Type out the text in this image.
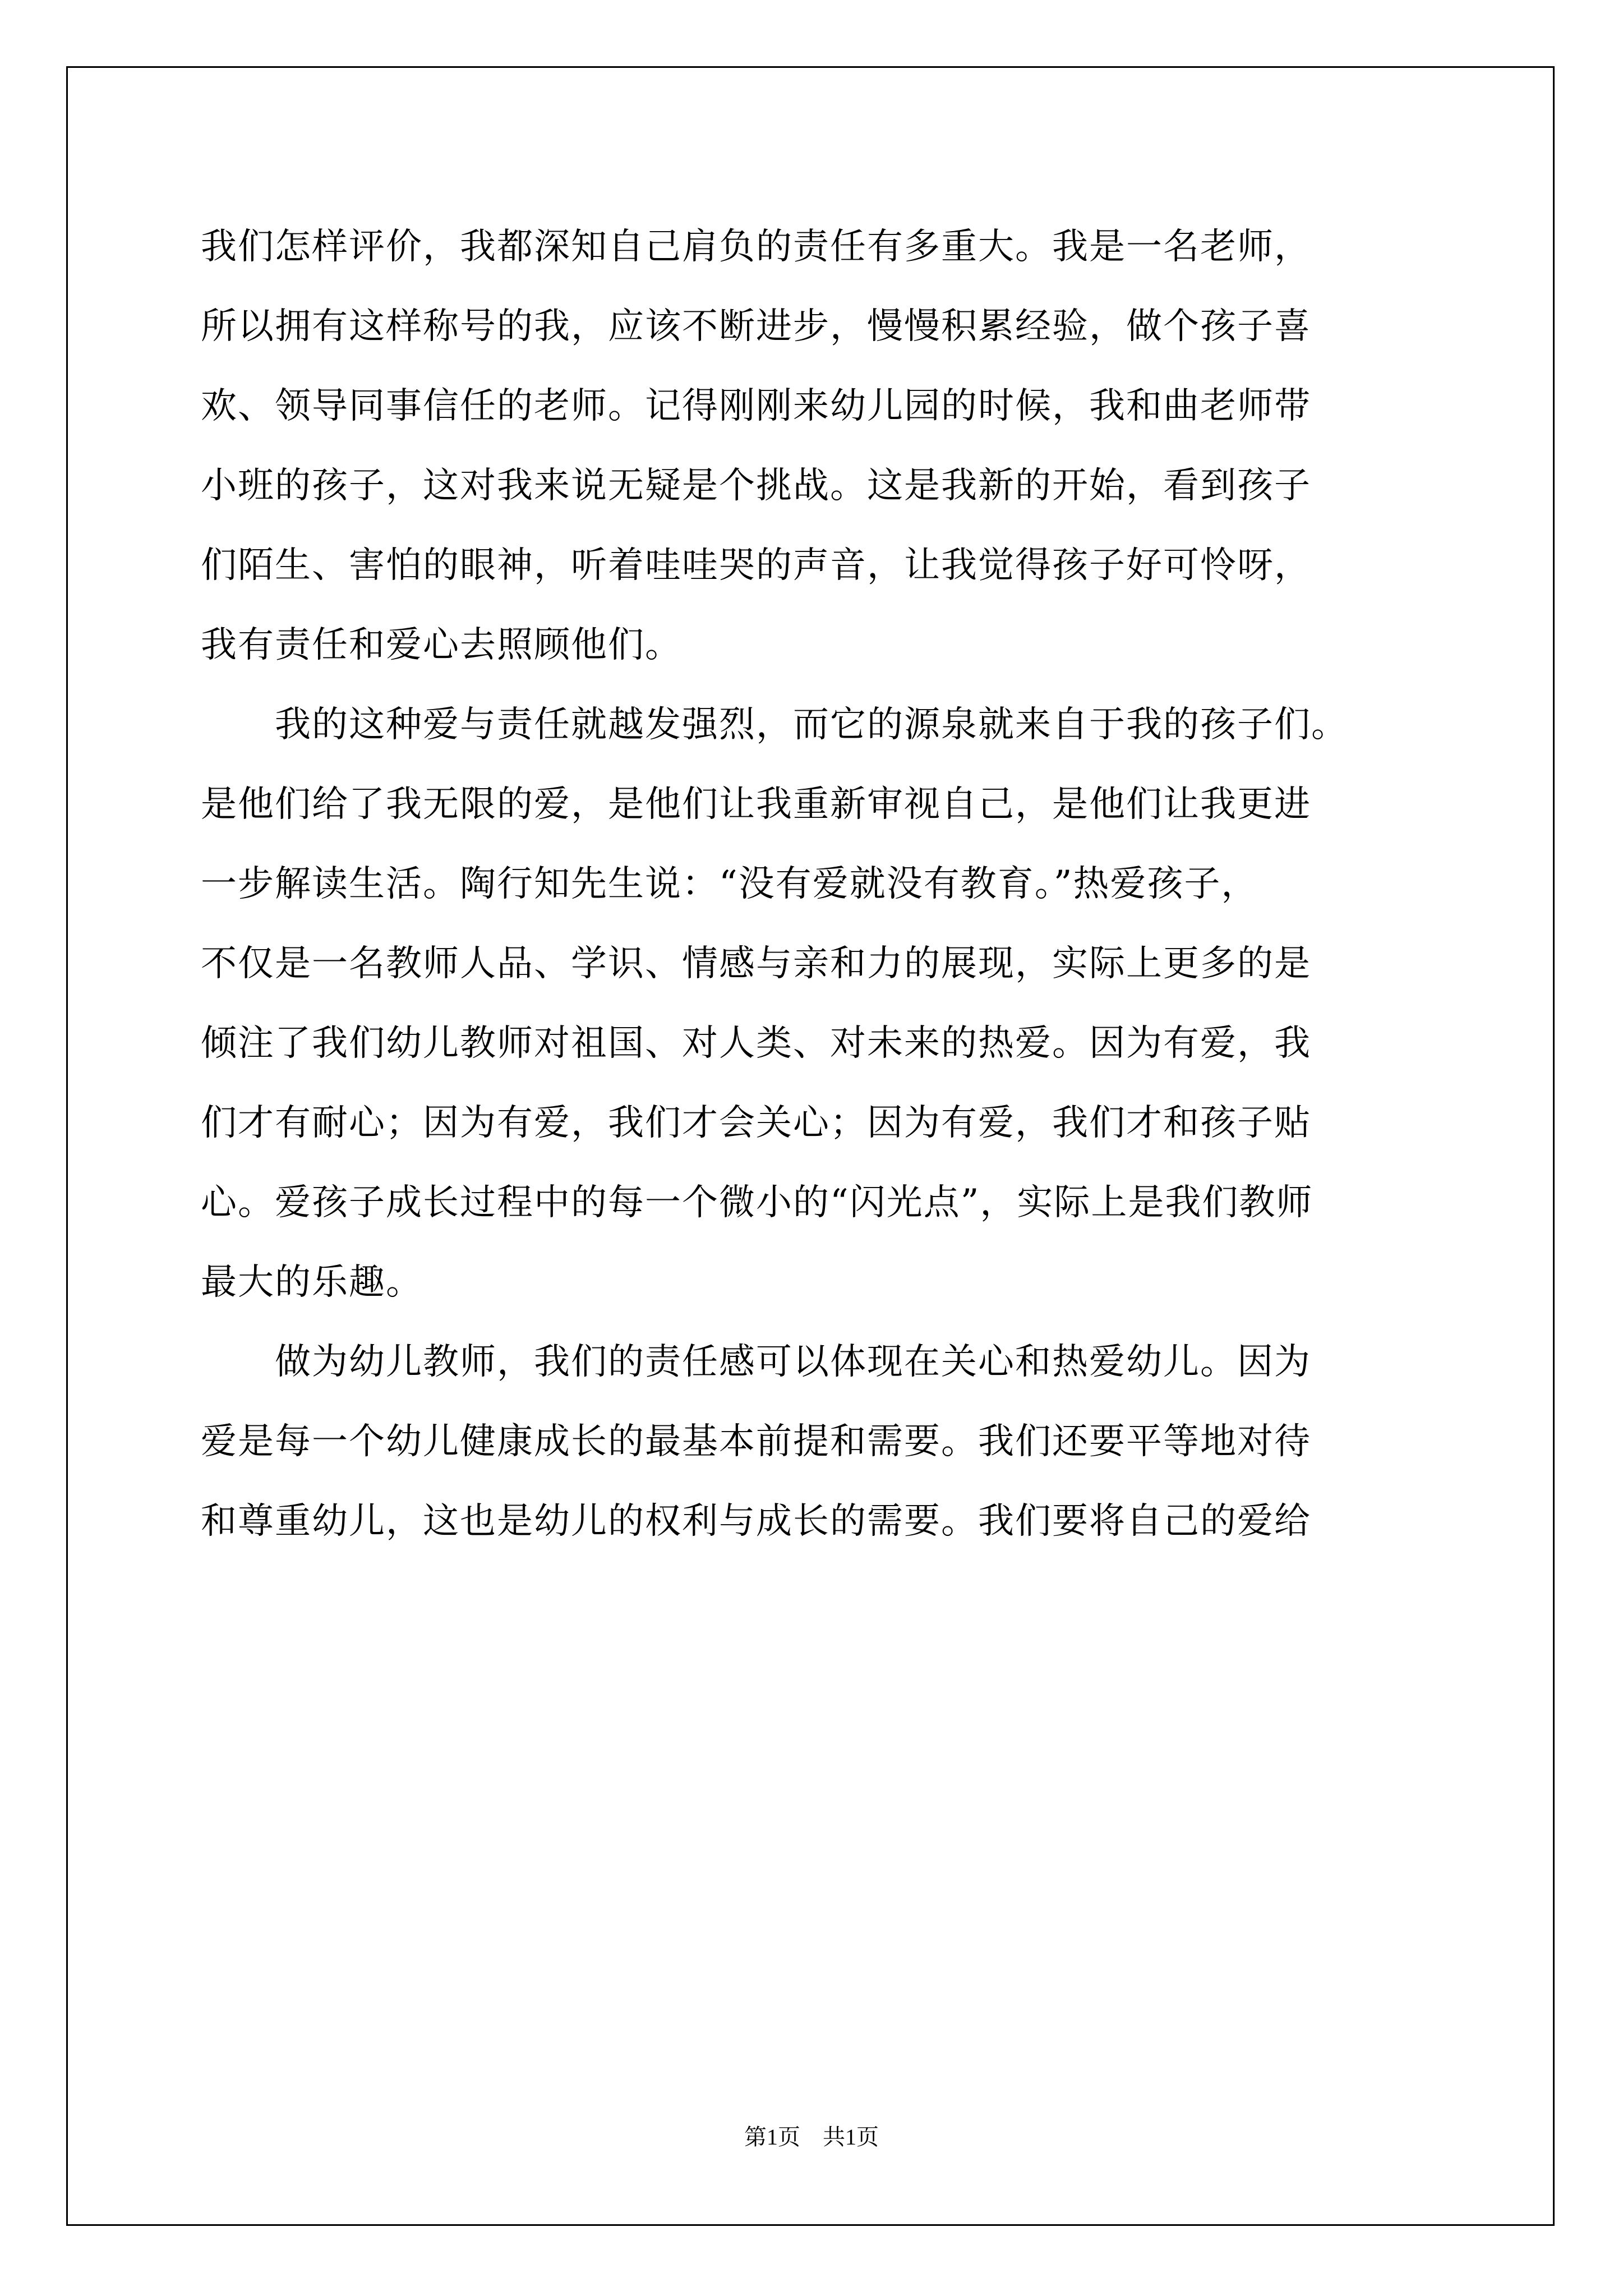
我们怎样评价，我都深知自己肩负的责任有多重大。我是一名老师，
所以拥有这样称号的我，应该不断进步，慢慢积累经验，做个孩子喜
欢、领导同事信任的老师。记得刚刚来幼儿园的时候，我和曲老师带
小班的孩子，这对我来说无疑是个挑战。这是我新的开始，看到孩子
们陌生、害怕的眼神，听着哇哇哭的声音，让我觉得孩子好可怜呀，
我有责任和爱心去照顾他们。
　　我的这种爱与责任就越发强烈，而它的源泉就来自于我的孩子们。
是他们给了我无限的爱，是他们让我重新审视自己，是他们让我更进
一步解读生活。陶行知先生说：“没有爱就没有教育。”热爱孩子，
不仅是一名教师人品、学识、情感与亲和力的展现，实际上更多的是
倾注了我们幼儿教师对祖国、对人类、对未来的热爱。因为有爱，我
们才有耐心；因为有爱，我们才会关心；因为有爱，我们才和孩子贴
心。爱孩子成长过程中的每一个微小的“闪光点”，实际上是我们教师
最大的乐趣。
　　做为幼儿教师，我们的责任感可以体现在关心和热爱幼儿。因为
爱是每一个幼儿健康成长的最基本前提和需要。我们还要平等地对待
和尊重幼儿，这也是幼儿的权利与成长的需要。我们要将自己的爱给
第1页　共1页
